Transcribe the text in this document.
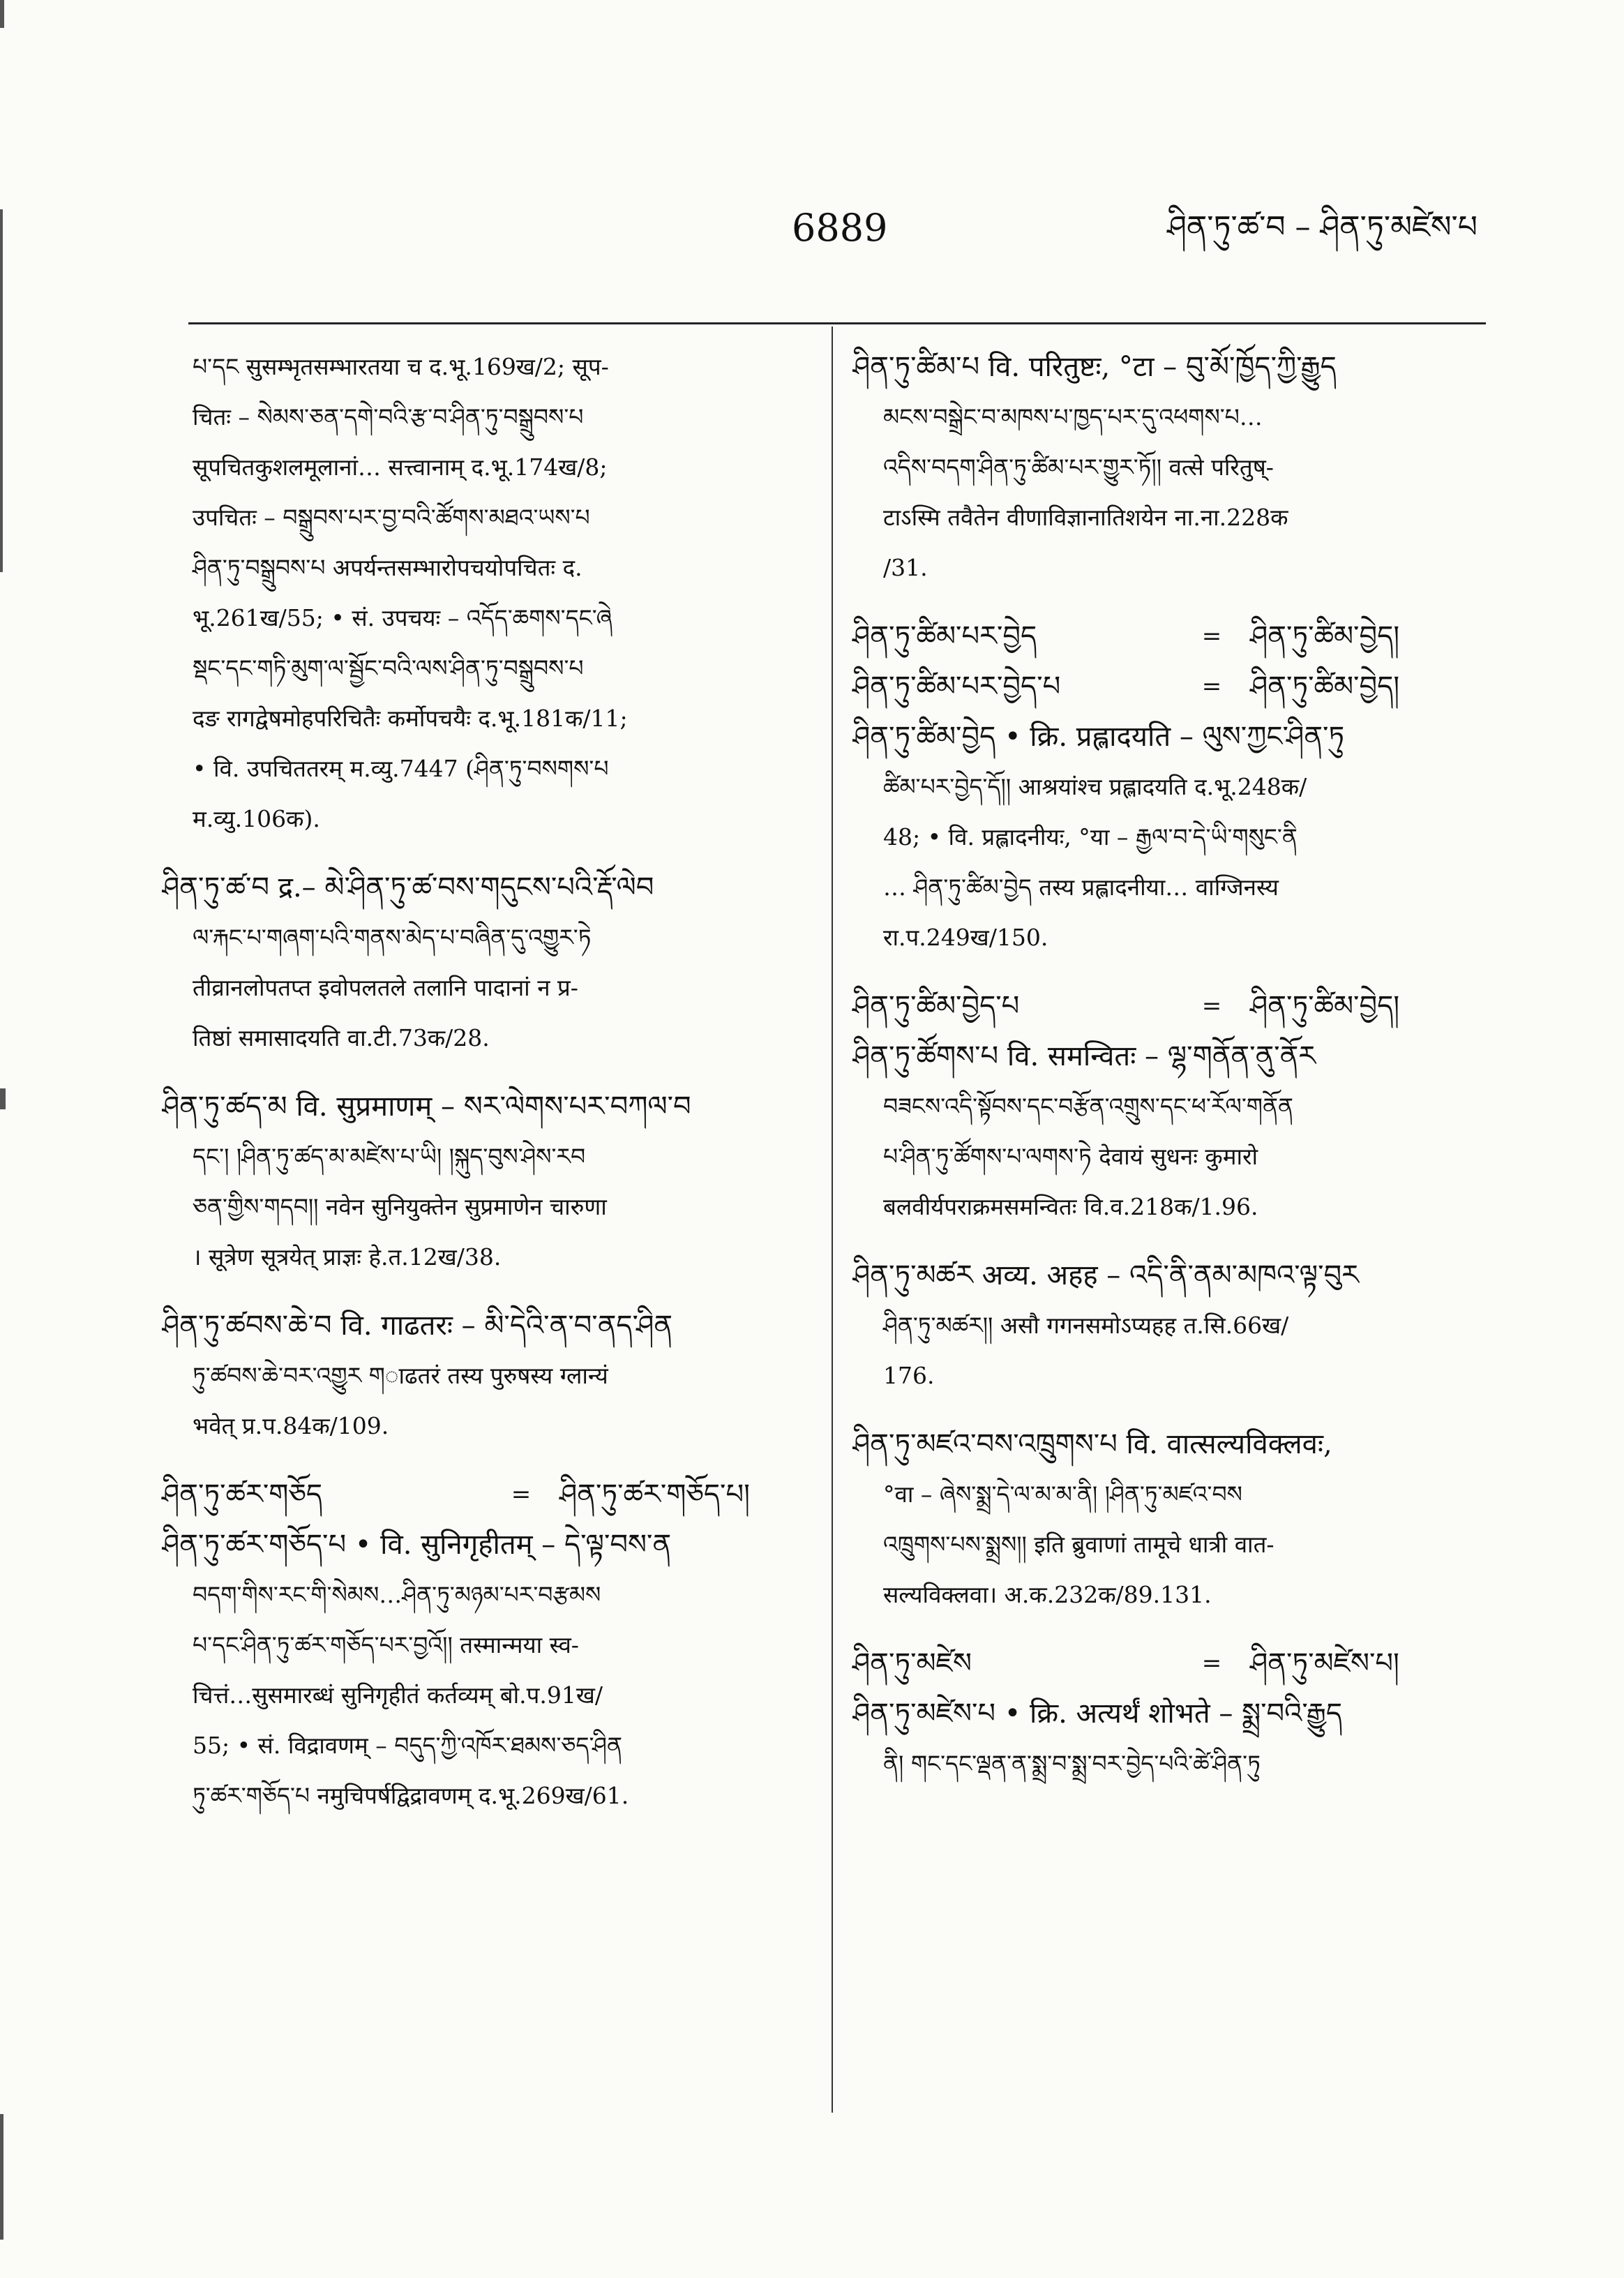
6889	ཤིན་ཏུ་ཚ་བ – ཤིན་ཏུ་མཛེས་པ
པ་དང सुसम्भृतसम्भारतया च द.भू.169ख/2; सूप-
चितः – སེམས་ཅན་དགེ་བའི་རྩ་བ་ཤིན་ཏུ་བསྒྲུབས་པ
सूपचितकुशलमूलानां… सत्त्वानाम् द.भू.174ख/8;
उपचितः – བསྒྲུབས་པར་བྱ་བའི་ཚོགས་མཐའ་ཡས་པ
ཤིན་ཏུ་བསྒྲུབས་པ अपर्यन्तसम्भारोपचयोपचितः द.
भू.261ख/55; • सं. उपचयः – འདོད་ཆགས་དང་ཞེ
སྡང་དང་གཏི་མུག་ལ་སྦྱོང་བའི་ལས་ཤིན་ཏུ་བསྒྲུབས་པ
दङ रागद्वेषमोहपरिचितैः कर्मोपचयैः द.भू.181क/11;
• वि. उपचिततरम् म.व्यु.7447 (ཤིན་ཏུ་བསགས་པ
म.व्यु.106क).
ཤིན་ཏུ་ཚ་བ द्र.– མེ་ཤིན་ཏུ་ཚ་བས་གདུངས་པའི་རྡོ་ལེབ
ལ་རྐང་པ་གཞག་པའི་གནས་མེད་པ་བཞིན་དུ་འགྱུར་ཏེ
तीव्रानलोपतप्त इवोपलतले तलानि पादानां न प्र-
तिष्ठां समासादयति वा.टी.73क/28.
ཤིན་ཏུ་ཚད་མ वि. सुप्रमाणम् – སར་ལེགས་པར་བཀལ་བ
དང་། །ཤིན་ཏུ་ཚད་མ་མཛེས་པ་ཡི། །སྐུད་བུས་ཤེས་རབ
ཅན་གྱིས་གདབ།། नवेन सुनियुक्तेन सुप्रमाणेन चारुणा
। सूत्रेण सूत्रयेत् प्राज्ञः हे.त.12ख/38.
ཤིན་ཏུ་ཚབས་ཆེ་བ वि. गाढतरः – མི་དེའི་ན་བ་ནད་ཤིན
ཏུ་ཚབས་ཆེ་བར་འགྱུར གाढतरं तस्य पुरुषस्य ग्लान्यं
भवेत् प्र.प.84क/109.
ཤིན་ཏུ་ཚར་གཅོད	=	ཤིན་ཏུ་ཚར་གཅོད་པ།
ཤིན་ཏུ་ཚར་གཅོད་པ • वि. सुनिगृहीतम् – དེ་ལྟ་བས་ན
བདག་གིས་རང་གི་སེམས…ཤིན་ཏུ་མཉམ་པར་བརྩམས
པ་དང་ཤིན་ཏུ་ཚར་གཅོད་པར་བྱའོ།། तस्मान्मया स्व-
चित्तं…सुसमारब्धं सुनिगृहीतं कर्तव्यम् बो.प.91ख/
55; • सं. विद्रावणम् – བདུད་ཀྱི་འཁོར་ཐམས་ཅད་ཤིན
ཏུ་ཚར་གཅོད་པ नमुचिपर्षद्विद्रावणम् द.भू.269ख/61.
ཤིན་ཏུ་ཚིམ་པ वि. परितुष्टः, °टा – བུ་མོ་ཁྱོད་ཀྱི་རྒྱུད
མངས་བསྒྲེང་བ་མཁས་པ་ཁྱད་པར་དུ་འཕགས་པ…
འདིས་བདག་ཤིན་ཏུ་ཚིམ་པར་གྱུར་ཏོ།། वत्से परितुष्-
टाऽस्मि तवैतेन वीणाविज्ञानातिशयेन ना.ना.228क
/31.
ཤིན་ཏུ་ཚིམ་པར་བྱེད	=	ཤིན་ཏུ་ཚིམ་བྱེད།
ཤིན་ཏུ་ཚིམ་པར་བྱེད་པ	=	ཤིན་ཏུ་ཚིམ་བྱེད།
ཤིན་ཏུ་ཚིམ་བྱེད • क्रि. प्रह्लादयति – ལུས་ཀྱང་ཤིན་ཏུ
ཚིམ་པར་བྱེད་དོ།། आश्रयांश्च प्रह्लादयति द.भू.248क/
48; • वि. प्रह्लादनीयः, °या – རྒྱལ་བ་དེ་ཡི་གསུང་ནི
… ཤིན་ཏུ་ཚིམ་བྱེད तस्य प्रह्लादनीया… वाग्जिनस्य
रा.प.249ख/150.
ཤིན་ཏུ་ཚིམ་བྱེད་པ	=	ཤིན་ཏུ་ཚིམ་བྱེད།
ཤིན་ཏུ་ཚོགས་པ वि. समन्वितः – ལྷ་གནོན་ནུ་ནོར
བཟངས་འདི་སྟོབས་དང་བརྩོན་འགྲུས་དང་ཕ་རོལ་གནོན
པ་ཤིན་ཏུ་ཚོགས་པ་ལགས་ཏེ देवायं सुधनः कुमारो
बलवीर्यपराक्रमसमन्वितः वि.व.218क/1.96.
ཤིན་ཏུ་མཚར अव्य. अहह – འདི་ནི་ནམ་མཁའ་ལྟ་བུར
ཤིན་ཏུ་མཚར།། असौ गगनसमोऽप्यहह त.सि.66ख/
176.
ཤིན་ཏུ་མཛའ་བས་འཁྲུགས་པ वि. वात्सल्यविक्लवः,
°वा – ཞེས་སྨྲ་དེ་ལ་མ་མ་ནི། །ཤིན་ཏུ་མཛའ་བས
འཁྲུགས་པས་སྨྲས།། इति ब्रुवाणां तामूचे धात्री वात-
सल्यविक्लवा। अ.क.232क/89.131.
ཤིན་ཏུ་མཛེས	=	ཤིན་ཏུ་མཛེས་པ།
ཤིན་ཏུ་མཛེས་པ • क्रि. अत्यर्थं शोभते – སྨྲ་བའི་རྒྱུད
ནི། གང་དང་ལྡན་ན་སྨྲ་བ་སྨྲ་བར་བྱེད་པའི་ཚེ་ཤིན་ཏུ
